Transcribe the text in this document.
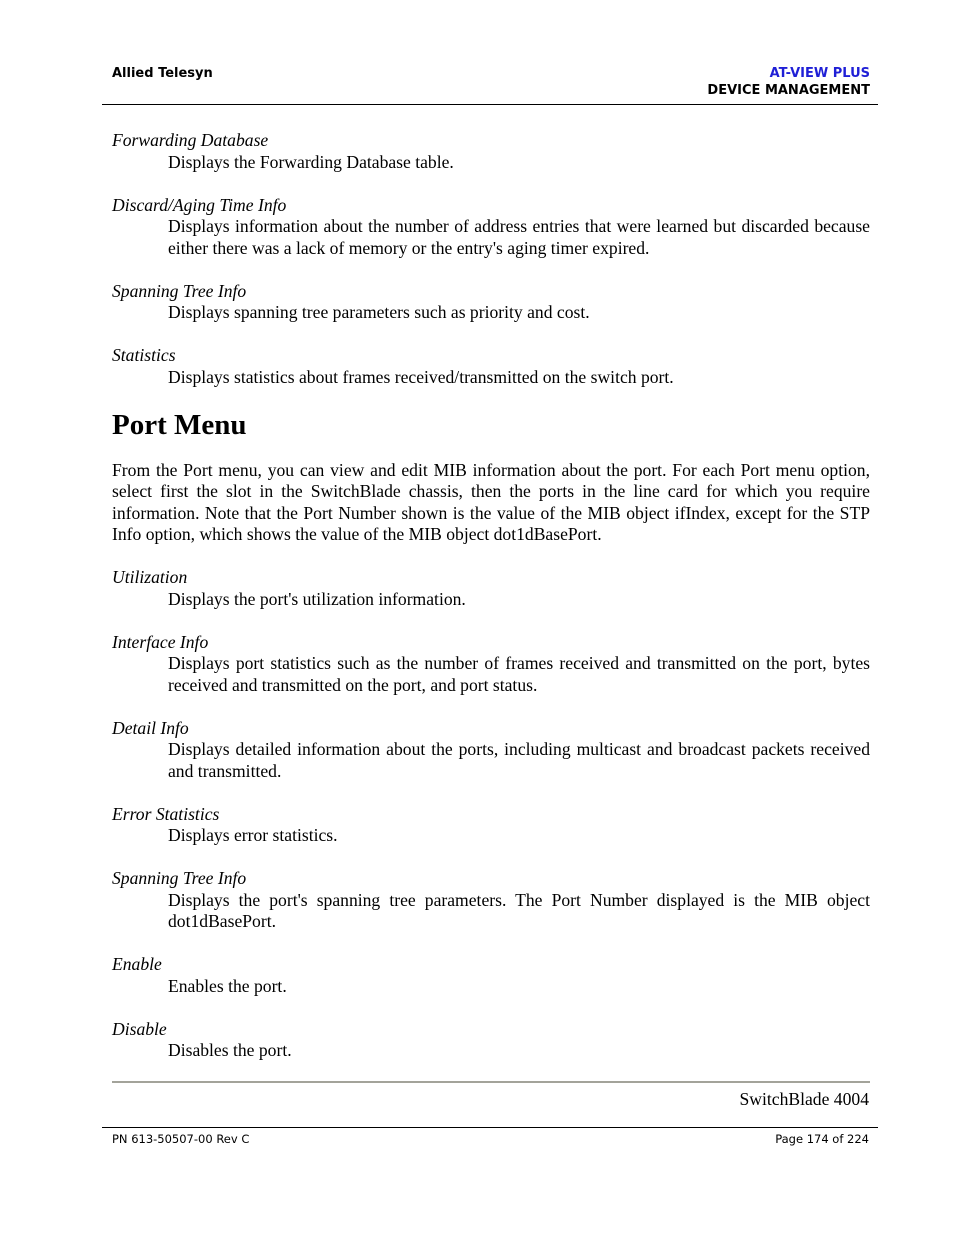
Allied Telesyn	AT-VIEW PLUS
DEVICE MANAGEMENT
Forwarding Database
Displays the Forwarding Database table.
Discard/Aging Time Info
Displays information about the number of address entries that were learned but discarded because either there was a lack of memory or the entry's aging timer expired.
Spanning Tree Info
Displays spanning tree parameters such as priority and cost.
Statistics
Displays statistics about frames received/transmitted on the switch port.
Port Menu
From the Port menu, you can view and edit MIB information about the port. For each Port menu option, select first the slot in the SwitchBlade chassis, then the ports in the line card for which you require information. Note that the Port Number shown is the value of the MIB object ifIndex, except for the STP Info option, which shows the value of the MIB object dot1dBasePort.
Utilization
Displays the port's utilization information.
Interface Info
Displays port statistics such as the number of frames received and transmitted on the port, bytes received and transmitted on the port, and port status.
Detail Info
Displays detailed information about the ports, including multicast and broadcast packets received and transmitted.
Error Statistics
Displays error statistics.
Spanning Tree Info
Displays the port's spanning tree parameters. The Port Number displayed is the MIB object dot1dBasePort.
Enable
Enables the port.
Disable
Disables the port.
SwitchBlade 4004
PN 613-50507-00 Rev C	Page 174 of 224
